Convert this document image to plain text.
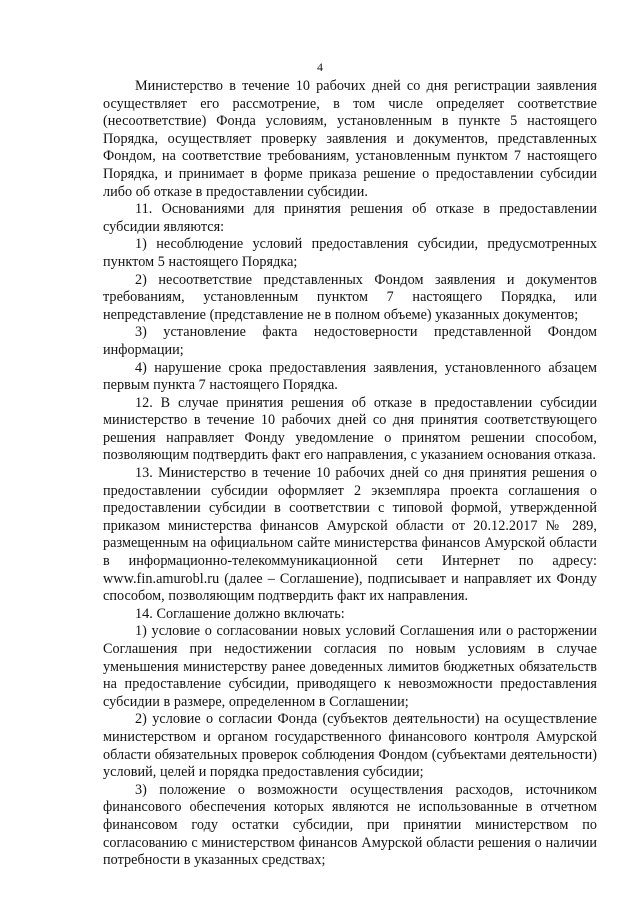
4

Министерство в течение 10 рабочих дней со дня регистрации заявления осуществляет его рассмотрение, в том числе определяет соответствие (несоответствие) Фонда условиям, установленным в пункте 5 настоящего Порядка, осуществляет проверку заявления и документов, представленных Фондом, на соответствие требованиям, установленным пунктом 7 настоящего Порядка, и принимает в форме приказа решение о предоставлении субсидии либо об отказе в предоставлении субсидии.

11. Основаниями для принятия решения об отказе в предоставлении субсидии являются:

1) несоблюдение условий предоставления субсидии, предусмотренных пунктом 5 настоящего Порядка;

2) несоответствие представленных Фондом заявления и документов требованиям, установленным пунктом 7 настоящего Порядка, или непредставление (представление не в полном объеме) указанных документов;

3) установление факта недостоверности представленной Фондом информации;

4) нарушение срока предоставления заявления, установленного абзацем первым пункта 7 настоящего Порядка.

12. В случае принятия решения об отказе в предоставлении субсидии министерство в течение 10 рабочих дней со дня принятия соответствующего решения направляет Фонду уведомление о принятом решении способом, позволяющим подтвердить факт его направления, с указанием основания отказа.

13. Министерство в течение 10 рабочих дней со дня принятия решения о предоставлении субсидии оформляет 2 экземпляра проекта соглашения о предоставлении субсидии в соответствии с типовой формой, утвержденной приказом министерства финансов Амурской области от 20.12.2017 № 289, размещенным на официальном сайте министерства финансов Амурской области в информационно-телекоммуникационной сети Интернет по адресу: www.fin.amurobl.ru (далее – Соглашение), подписывает и направляет их Фонду способом, позволяющим подтвердить факт их направления.

14. Соглашение должно включать:

1) условие о согласовании новых условий Соглашения или о расторжении Соглашения при недостижении согласия по новым условиям в случае уменьшения министерству ранее доведенных лимитов бюджетных обязательств на предоставление субсидии, приводящего к невозможности предоставления субсидии в размере, определенном в Соглашении;

2) условие о согласии Фонда (субъектов деятельности) на осуществление министерством и органом государственного финансового контроля Амурской области обязательных проверок соблюдения Фондом (субъектами деятельности) условий, целей и порядка предоставления субсидии;

3) положение о возможности осуществления расходов, источником финансового обеспечения которых являются не использованные в отчетном финансовом году остатки субсидии, при принятии министерством по согласованию с министерством финансов Амурской области решения о наличии потребности в указанных средствах;
